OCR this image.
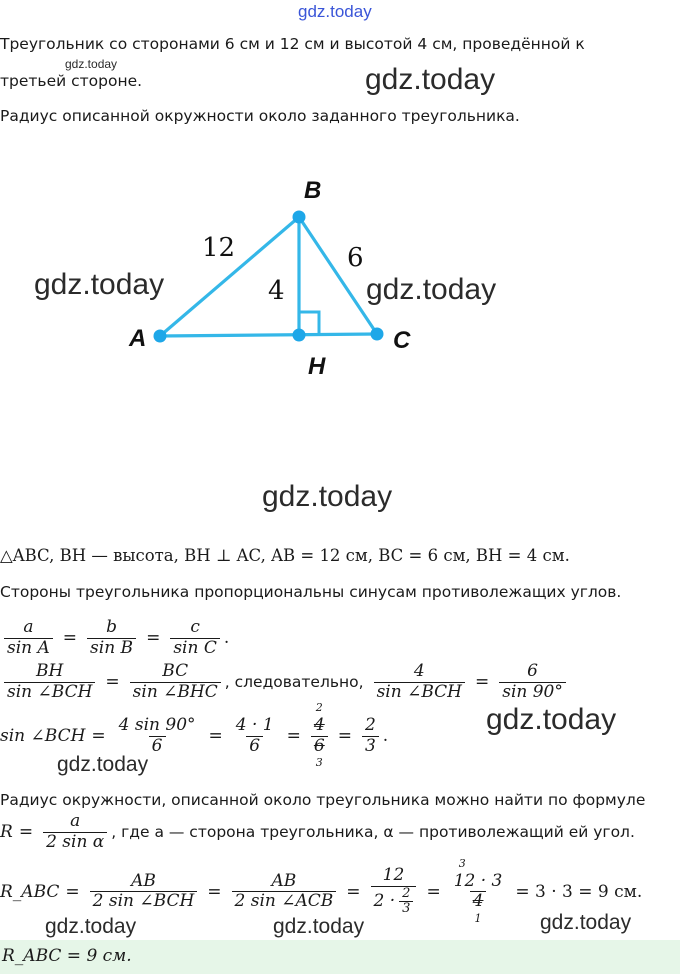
gdz.today
Треугольник со сторонами 6 см и 12 см и высотой 4 см, проведённой к
gdz.today
третьей стороне.	gdz.today
Радиус описанной окружности около заданного треугольника.
A
B
C
H
12	6
4
gdz.today	gdz.today
gdz.today
△ABC, BH — высота, BH ⊥ AC, AB = 12 см, BC = 6 см, BH = 4 см.
Стороны треугольника пропорциональны синусам противолежащих углов.
$\frac{a}{\text{sin A}} = \frac{b}{\text{sin B}} = \frac{c}{\text{sin C}}$ .
$\frac{BH}{\text{sin ∠BCH}} = \frac{BC}{\text{sin ∠BHC}}$ , следовательно, $\frac{4}{\text{sin ∠BCH}} = \frac{6}{\sin 90^\circ}$
gdz.today
sin ∠BCH = $\frac{4 \sin 90^\circ}{6} = \frac{4 \cdot 1}{6}$ =
2
4
6
3
= $\frac{2}{3}$ .
gdz.today
Радиус окружности, описанной около треугольника можно найти по формуле
$R = \frac{a}{\text{2 sin α}}$ , где a — сторона треугольника, α — противолежащий ей угол.
R_ABC = $\frac{AB}{\text{2 sin ∠BCH}} = \frac{AB}{\text{2 sin ∠ACB}} = \frac{12}{2 \cdot \frac{2}{3}}$ =
3
12 · 3
4
1
= 3 · 3 = 9 см.
gdz.today	gdz.today	gdz.today
R_ABC = 9 см.
